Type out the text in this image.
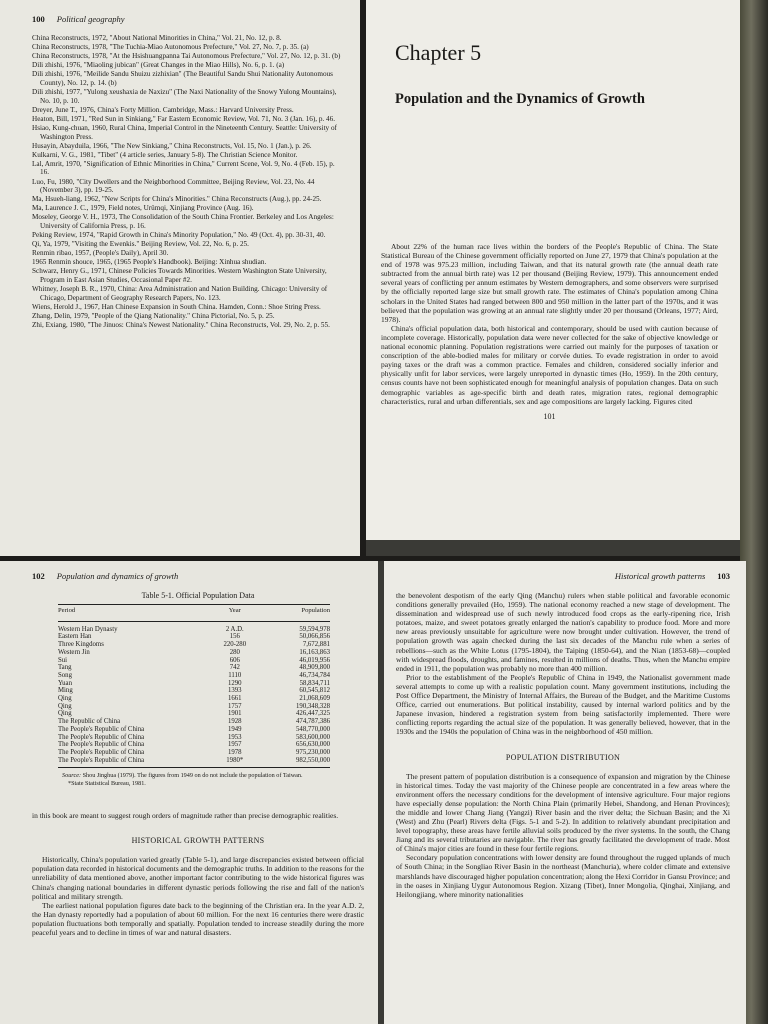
100 Political geography

China Reconstructs, 1972, "About National Minorities in China," Vol. 21, No. 12, p. 8.

China Reconstructs, 1978, "The Tuchia-Miao Autonomous Prefecture," Vol. 27, No. 7, p. 35. (a)

China Reconstructs, 1978, "At the Hsishuangpanna Tai Autonomous Prefecture," Vol. 27, No. 12, p. 31. (b)

Dili zhishi, 1976, "Miaoling jubican" (Great Changes in the Miao Hills), No. 6, p. 1. (a)

Dili zhishi, 1976, "Meilide Sandu Shuizu zizhixian" (The Beautiful Sandu Shui Nationality Autonomous County), No. 12, p. 14. (b)

Dili zhishi, 1977, "Yulong xeushaxia de Naxizu" (The Naxi Nationality of the Snowy Yulong Mountains), No. 10, p. 10.

Dreyer, June T., 1976, China's Forty Million. Cambridge, Mass.: Harvard University Press.

Heaton, Bill, 1971, "Red Sun in Sinkiang," Far Eastern Economic Review, Vol. 71, No. 3 (Jan. 16), p. 46.

Hsiao, Kung-chuan, 1960, Rural China, Imperial Control in the Nineteenth Century. Seattle: University of Washington Press.

Husayin, Abayduila, 1966, "The New Sinkiang," China Reconstructs, Vol. 15, No. 1 (Jan.), p. 26.

Kulkarni, V. G., 1981, "Tibet" (4 article series, January 5-8). The Christian Science Monitor.

Lal, Amrit, 1970, "Signification of Ethnic Minorities in China," Current Scene, Vol. 9, No. 4 (Feb. 15), p. 16.

Luo, Fu, 1980, "City Dwellers and the Neighborhood Committee, Beijing Review, Vol. 23, No. 44 (November 3), pp. 19-25.

Ma, Hsueh-liang, 1962, "New Scripts for China's Minorities." China Reconstructs (Aug.), pp. 24-25.

Ma, Laurence J. C., 1979, Field notes, Urümqi, Xinjiang Province (Aug. 16).

Moseley, George V. H., 1973, The Consolidation of the South China Frontier. Berkeley and Los Angeles: University of California Press, p. 16.

Peking Review, 1974, "Rapid Growth in China's Minority Population," No. 49 (Oct. 4), pp. 30-31, 40.

Qi, Ya, 1979, "Visiting the Ewenkis." Beijing Review, Vol. 22, No. 6, p. 25.

Renmin ribao, 1957, (People's Daily), April 30.

1965 Renmin shouce, 1965, (1965 People's Handbook). Beijing: Xinhua shudian.

Schwarz, Henry G., 1971, Chinese Policies Towards Minorities. Western Washington State University, Program in East Asian Studies, Occasional Paper #2.

Whitney, Joseph B. R., 1970, China: Area Administration and Nation Building. Chicago: University of Chicago, Department of Geography Research Papers, No. 123.

Wiens, Herold J., 1967, Han Chinese Expansion in South China. Hamden, Conn.: Shoe String Press.

Zhang, Delin, 1979, "People of the Qiang Nationality." China Pictorial, No. 5, p. 25.

Zhi, Exiang, 1980, "The Jinuos: China's Newest Nationality." China Reconstructs, Vol. 29, No. 2, p. 55.

Chapter 5
Population and the Dynamics of Growth

About 22% of the human race lives within the borders of the People's Republic of China. The State Statistical Bureau of the Chinese government officially reported on June 27, 1979 that China's population at the end of 1978 was 975.23 million, including Taiwan, and that its natural growth rate (the annual death rate subtracted from the annual birth rate) was 12 per thousand (Beijing Review, 1979). This announcement ended several years of conflicting per annum estimates by Western demographers, and some observers were surprised by the officially reported large size but small growth rate. The estimates of China's population among China scholars in the United States had ranged between 800 and 950 million in the latter part of the 1970s, and it was believed that the population was growing at an annual rate slightly under 20 per thousand (Orleans, 1977; Aird, 1978).

China's official population data, both historical and contemporary, should be used with caution because of incomplete coverage. Historically, population data were never collected for the sake of objective knowledge or national economic planning. Population registrations were carried out mainly for the purposes of taxation or conscription of the able-bodied males for military or corvée duties. To evade registration in order to avoid paying taxes or the draft was a common practice. Females and children, considered socially inferior and physically unfit for labor services, were largely unreported in dynastic times (Ho, 1959). In the 20th century, census counts have not been sophisticated enough for meaningful analysis of population changes. Data on such demographic variables as age-specific birth and death rates, migration rates, regional demographic characteristics, rural and urban differentials, sex and age compositions are largely lacking. Figures cited

101
102 Population and dynamics of growth
Table 5-1. Official Population Data
Period	Year	Population
Western Han Dynasty	2 A.D.	59,594,978
Eastern Han	156	50,066,856
Three Kingdoms	220-280	7,672,881
Western Jin	280	16,163,863
Sui	606	46,019,956
Tang	742	48,909,800
Song	1110	46,734,784
Yuan	1290	58,834,711
Ming	1393	60,545,812
Qing	1661	21,068,609
Qing	1757	190,348,328
Qing	1901	426,447,325
The Republic of China	1928	474,787,386
The People's Republic of China	1949	548,770,000
The People's Republic of China	1953	583,600,000
The People's Republic of China	1957	656,630,000
The People's Republic of China	1978	975,230,000
The People's Republic of China	1980*	982,550,000
Source: Shou Jinghua (1979). The figures from 1949 on do not include the population of Taiwan.
*State Statistical Bureau, 1981.

in this book are meant to suggest rough orders of magnitude rather than precise demographic realities.

HISTORICAL GROWTH PATTERNS

Historically, China's population varied greatly (Table 5-1), and large discrepancies existed between official population data recorded in historical documents and the demographic truths. In addition to the reasons for the unreliability of data mentioned above, another important factor contributing to the wide historical figures was China's changing national boundaries in different dynastic periods following the rise and fall of the nation's political and military strength.

The earliest national population figures date back to the beginning of the Christian era. In the year A.D. 2, the Han dynasty reportedly had a population of about 60 million. For the next 16 centuries there were drastic population fluctuations both temporally and spatially. Population tended to increase steadily during the more peaceful years and to decline in times of war and natural disasters.

Historical growth patterns 103

the benevolent despotism of the early Qing (Manchu) rulers when stable political and favorable economic conditions generally prevailed (Ho, 1959). The national economy reached a new stage of development. The dissemination and widespread use of such newly introduced food crops as the early-ripening rice, Irish potatoes, maize, and sweet potatoes greatly enlarged the nation's capability to produce food. More and more new areas previously unsuitable for agriculture were now brought under cultivation. However, the trend of population growth was again checked during the last six decades of the Manchu rule when a series of rebellions—such as the White Lotus (1795-1804), the Taiping (1850-64), and the Nian (1853-68)—coupled with widespread floods, droughts, and famines, resulted in millions of deaths. Thus, when the Manchu empire ended in 1911, the population was probably no more than 400 million.

Prior to the establishment of the People's Republic of China in 1949, the Nationalist government made several attempts to come up with a realistic population count. Many government institutions, including the Post Office Department, the Ministry of Internal Affairs, the Bureau of the Budget, and the Maritime Customs Office, carried out enumerations. But political instability, caused by internal warlord politics and by the Japanese invasion, hindered a registration system from being satisfactorily implemented. There were conflicting reports regarding the actual size of the population. It was generally believed, however, that in the 1930s and the 1940s the population of China was in the neighborhood of 450 million.

POPULATION DISTRIBUTION

The present pattern of population distribution is a consequence of expansion and migration by the Chinese in historical times. Today the vast majority of the Chinese people are concentrated in a few areas where the environment offers the necessary conditions for the development of intensive agriculture. Four major regions have especially dense population: the North China Plain (primarily Hebei, Shandong, and Henan Provinces); the middle and lower Chang Jiang (Yangzi) River basin and the river delta; the Sichuan Basin; and the Xi (West) and Zhu (Pearl) Rivers delta (Figs. 5-1 and 5-2). In addition to relatively abundant precipitation and level topography, these areas have fertile alluvial soils produced by the river systems. In the south, the Chang Jiang and its several tributaries are navigable. The river has greatly facilitated the development of trade. Most of China's major cities are found in these four fertile regions.

Secondary population concentrations with lower density are found throughout the rugged uplands of much of South China; in the Songliao River Basin in the northeast (Manchuria), where colder climate and extensive marshlands have discouraged higher population concentration; along the Hexi Corridor in Gansu Province; and in the oases in Xinjiang Uygur Autonomous Region. Xizang (Tibet), Inner Mongolia, Qinghai, Xinjiang, and Heilongjiang, where minority nationalities
